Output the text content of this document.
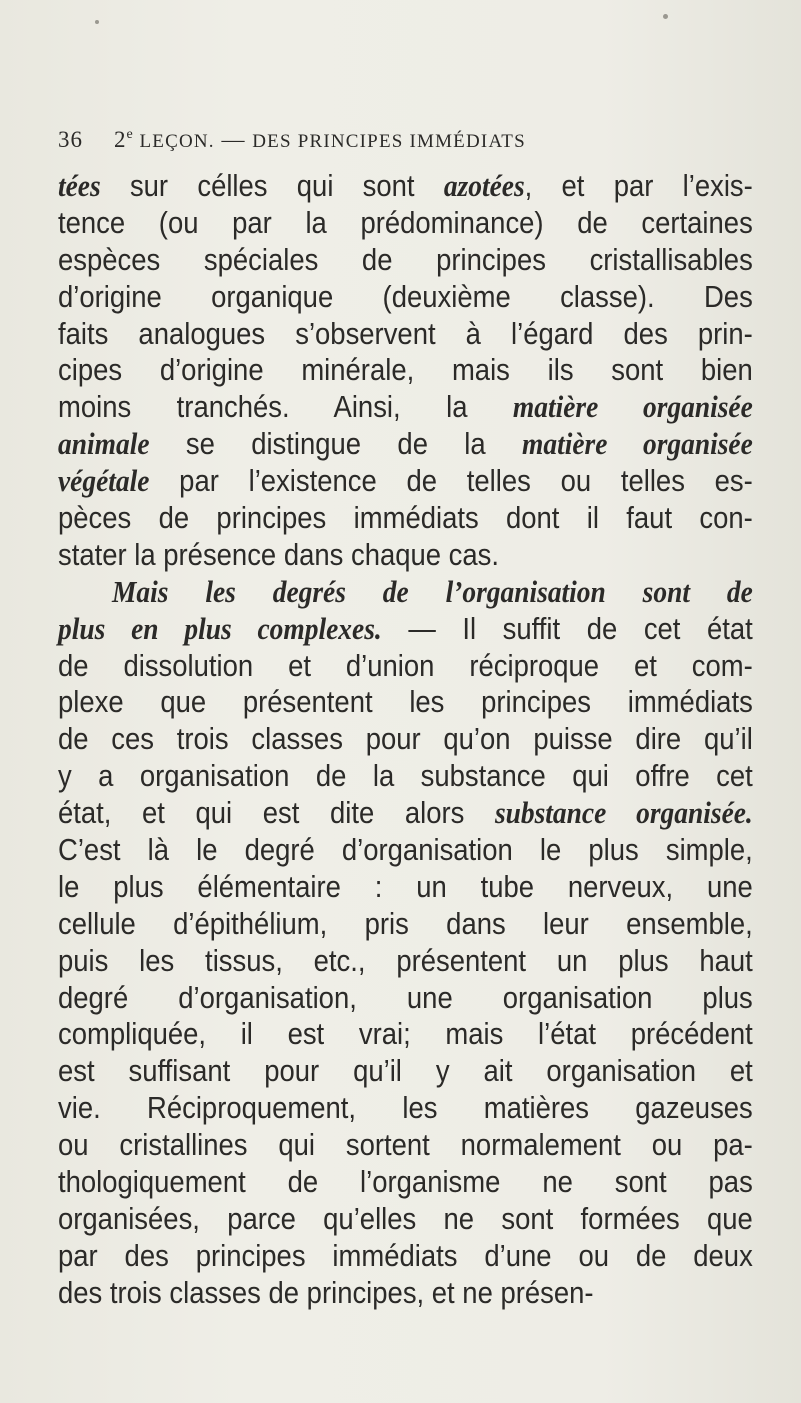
36 2e LEÇON. — DES PRINCIPES IMMÉDIATS

tées sur célles qui sont azotées, et par l’exis-
tence (ou par la prédominance) de certaines
espèces spéciales de principes cristallisables
d’origine organique (deuxième classe). Des
faits analogues s’observent à l’égard des prin-
cipes d’origine minérale, mais ils sont bien
moins tranchés. Ainsi, la matière organisée
animale se distingue de la matière organisée
végétale par l’existence de telles ou telles es-
pèces de principes immédiats dont il faut con-
stater la présence dans chaque cas.

Mais les degrés de l’organisation sont de
plus en plus complexes. — Il suffit de cet état
de dissolution et d’union réciproque et com-
plexe que présentent les principes immédiats
de ces trois classes pour qu’on puisse dire qu’il
y a organisation de la substance qui offre cet
état, et qui est dite alors substance organisée.
C’est là le degré d’organisation le plus simple,
le plus élémentaire : un tube nerveux, une
cellule d’épithélium, pris dans leur ensemble,
puis les tissus, etc., présentent un plus haut
degré d’organisation, une organisation plus
compliquée, il est vrai; mais l’état précédent
est suffisant pour qu’il y ait organisation et
vie. Réciproquement, les matières gazeuses
ou cristallines qui sortent normalement ou pa-
thologiquement de l’organisme ne sont pas
organisées, parce qu’elles ne sont formées que
par des principes immédiats d’une ou de deux
des trois classes de principes, et ne présen-
